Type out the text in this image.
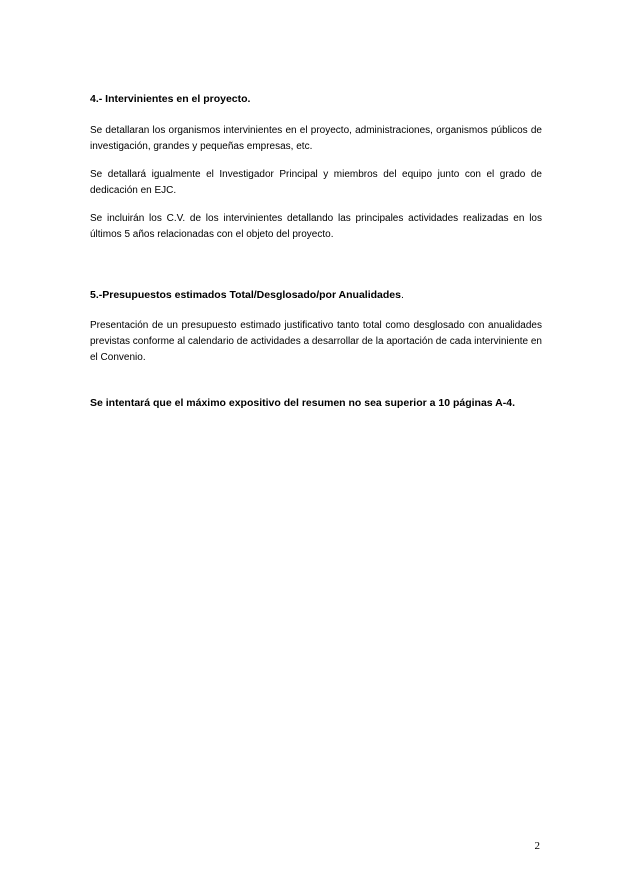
4.- Intervinientes en el proyecto.

Se detallaran los organismos intervinientes en el proyecto, administraciones, organismos públicos de investigación, grandes y pequeñas empresas, etc.

Se detallará igualmente el Investigador Principal y miembros del equipo junto con el grado de dedicación en EJC.

Se incluirán los C.V. de los intervinientes detallando las principales actividades realizadas en los últimos 5 años relacionadas con el objeto del proyecto.

5.-Presupuestos estimados Total/Desglosado/por Anualidades.

Presentación de un presupuesto estimado justificativo tanto total como desglosado con anualidades previstas conforme al calendario de actividades a desarrollar de la aportación de cada interviniente en el Convenio.

Se intentará que el máximo expositivo del resumen no sea superior a 10 páginas A-4.

2
